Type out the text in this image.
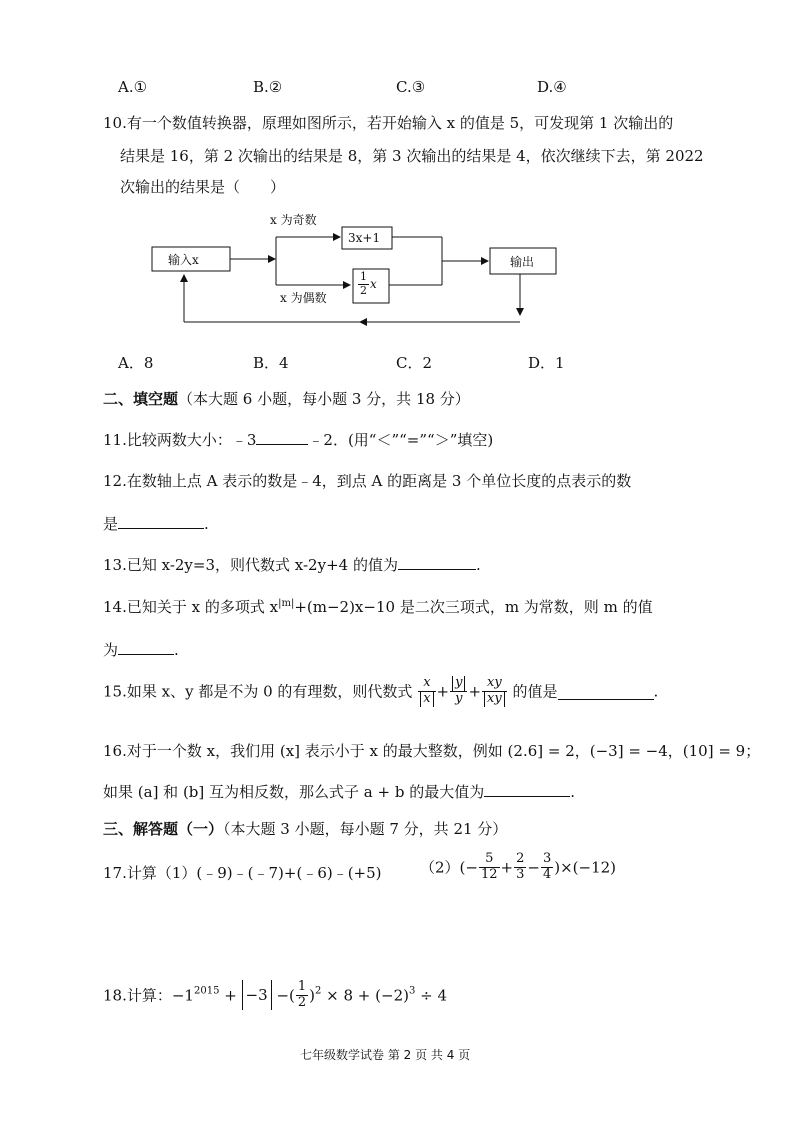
A.①	B.②	C.③	D.④
10.有一个数值转换器，原理如图所示，若开始输入 x 的值是 5，可发现第 1 次输出的
结果是 16，第 2 次输出的结果是 8，第 3 次输出的结果是 4，依次继续下去，第 2022
次输出的结果是（　　）
输入x
x 为奇数
x 为偶数
3x+1
$\frac{1}{2}$ x
输出
A．8	B．4	C．2	D．1
二、填空题（本大题 6 小题，每小题 3 分，共 18 分）
11.比较两数大小：﹣3	﹣2．(用“＜”“=”“＞”填空)
12.在数轴上点 A 表示的数是﹣4，到点 A 的距离是 3 个单位长度的点表示的数
是	.
13.已知 x-2y=3，则代数式 x-2y+4 的值为	.
14.已知关于 x 的多项式 $x^{|m|}+(m-2)x-10$ 是二次三项式，m 为常数，则 m 的值
为	.
15.如果 x、y 都是不为 0 的有理数，则代数式 $\frac{x}{x} + \frac{y}{y} + \frac{xy}{xy}$ 的值是	.
16.对于一个数 x，我们用 (x] 表示小于 x 的最大整数，例如 (2.6] = 2，(−3] = −4，(10] = 9；
如果 (a] 和 (b] 互为相反数，那么式子 a + b 的最大值为	.
三、解答题（一）（本大题 3 小题，每小题 7 分，共 21 分）
17.计算（1）(﹣9)﹣(﹣7)+(﹣6)﹣(+5)	$(2)(- \frac{5}{12} + \frac{2}{3} - \frac{3}{4} )\times(-12)$
18.计算：$-1^{2015} + -3$ −( $\frac{1}{2} )^2 \times 8 + (-2)^3 \div 4$
七年级数学试卷 第 2 页 共 4 页
